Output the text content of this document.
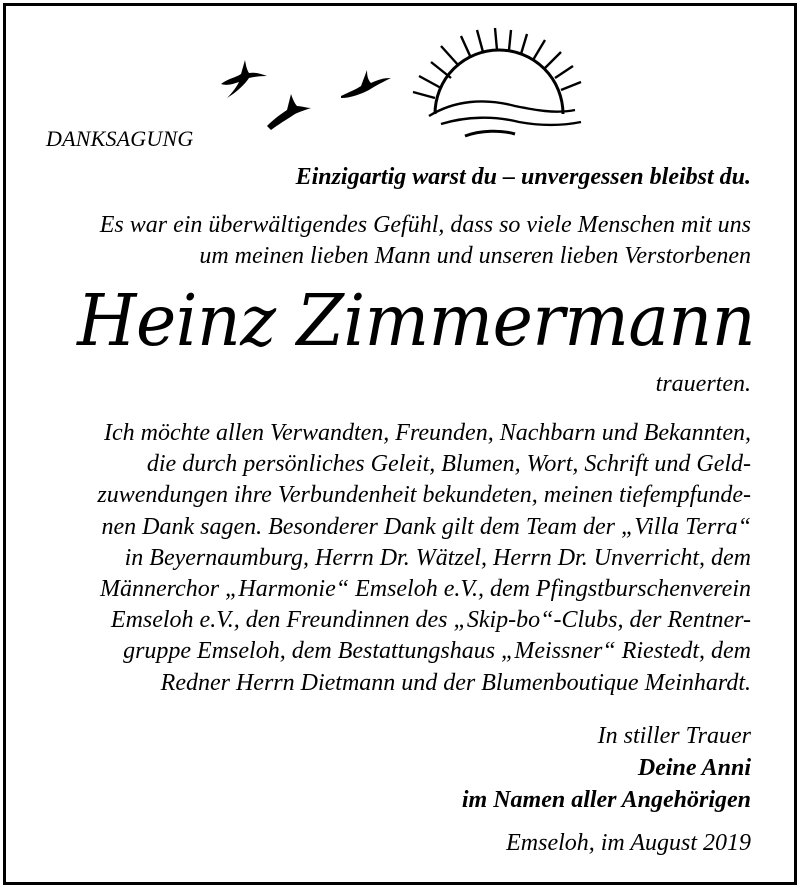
DANKSAGUNG
Einzigartig warst du – unvergessen bleibst du.
Es war ein überwältigendes Gefühl, dass so viele Menschen mit uns
um meinen lieben Mann und unseren lieben Verstorbenen
Heinz Zimmermann
trauerten.
Ich möchte allen Verwandten, Freunden, Nachbarn und Bekannten,
die durch persönliches Geleit, Blumen, Wort, Schrift und Geld-
zuwendungen ihre Verbundenheit bekundeten, meinen tiefempfunde-
nen Dank sagen. Besonderer Dank gilt dem Team der „Villa Terra“
in Beyernaumburg, Herrn Dr. Wätzel, Herrn Dr. Unverricht, dem
Männerchor „Harmonie“ Emseloh e.V., dem Pfingstburschenverein
Emseloh e.V., den Freundinnen des „Skip-bo“-Clubs, der Rentner-
gruppe Emseloh, dem Bestattungshaus „Meissner“ Riestedt, dem
Redner Herrn Dietmann und der Blumenboutique Meinhardt.
In stiller Trauer
Deine Anni
im Namen aller Angehörigen
Emseloh, im August 2019
